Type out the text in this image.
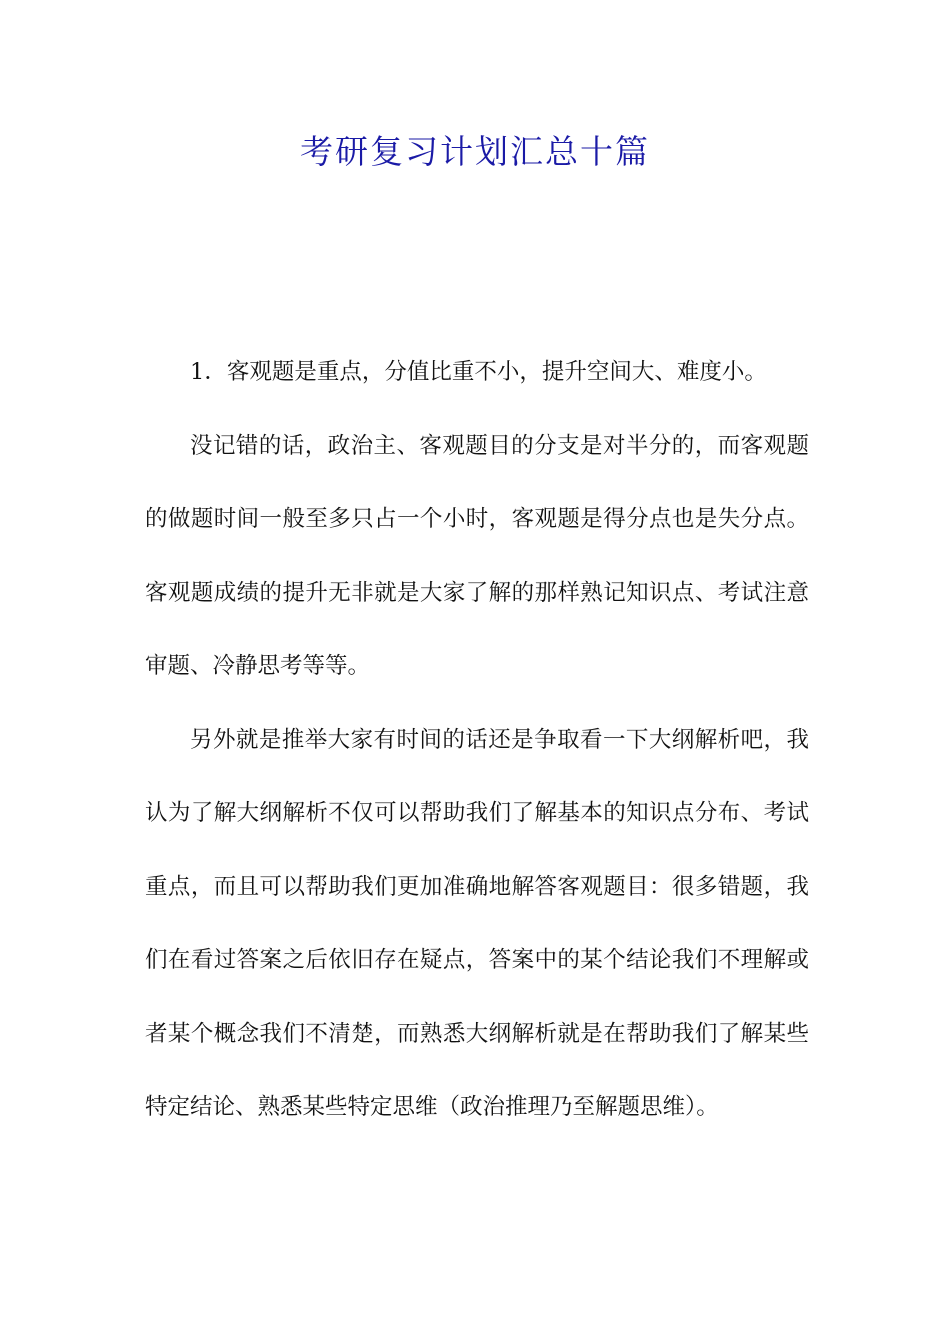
考研复习计划汇总十篇

1．客观题是重点，分值比重不小，提升空间大、难度小。

没记错的话，政治主、客观题目的分支是对半分的，而客观题的做题时间一般至多只占一个小时，客观题是得分点也是失分点。客观题成绩的提升无非就是大家了解的那样熟记知识点、考试注意审题、冷静思考等等。

另外就是推举大家有时间的话还是争取看一下大纲解析吧，我认为了解大纲解析不仅可以帮助我们了解基本的知识点分布、考试重点，而且可以帮助我们更加准确地解答客观题目：很多错题，我们在看过答案之后依旧存在疑点，答案中的某个结论我们不理解或者某个概念我们不清楚，而熟悉大纲解析就是在帮助我们了解某些特定结论、熟悉某些特定思维（政治推理乃至解题思维）。
